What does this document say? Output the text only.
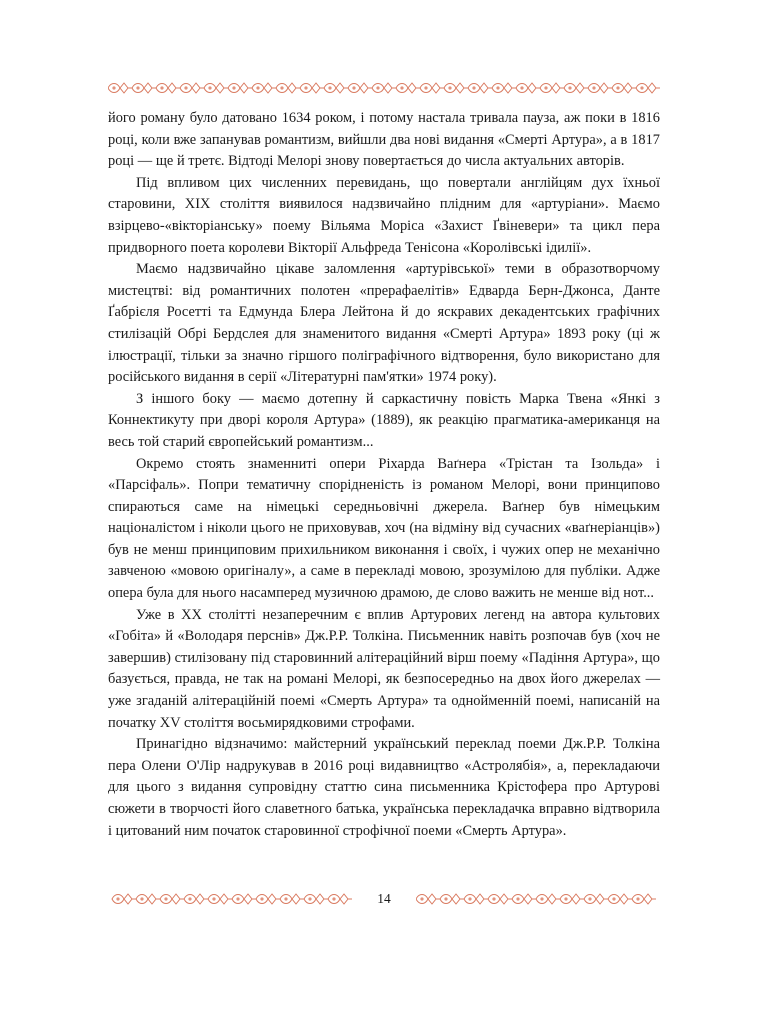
його роману було датовано 1634 роком, і потому настала тривала пауза, аж поки в 1816 році, коли вже запанував романтизм, вийшли два нові видання «Смерті Артура», а в 1817 році — ще й третє. Відтоді Мелорі знову повертається до числа актуальних авторів.

Під впливом цих численних перевидань, що повертали англійцям дух їхньої старовини, XIX століття виявилося надзвичайно плідним для «артуріани». Маємо взірцево-«вікторіанську» поему Вільяма Моріса «Захист Ґвіневери» та цикл пера придворного поета королеви Вікторії Альфреда Тенісона «Королівські ідилії».

Маємо надзвичайно цікаве заломлення «артурівської» теми в образотворчому мистецтві: від романтичних полотен «прерафаелітів» Едварда Берн-Джонса, Данте Ґабрієля Росетті та Едмунда Блера Лейтона й до яскравих декадентських графічних стилізацій Обрі Бердслея для знаменитого видання «Смерті Артура» 1893 року (ці ж ілюстрації, тільки за значно гіршого поліграфічного відтворення, було використано для російського видання в серії «Літературні пам'ятки» 1974 року).

З іншого боку — маємо дотепну й саркастичну повість Марка Твена «Янкі з Коннектикуту при дворі короля Артура» (1889), як реакцію прагматика-американця на весь той старий європейський романтизм...

Окремо стоять знаменниті опери Ріхарда Ваґнера «Трістан та Ізольда» і «Парсіфаль». Попри тематичну спорідненість із романом Мелорі, вони принципово спираються саме на німецькі середньовічні джерела. Ваґнер був німецьким націоналістом і ніколи цього не приховував, хоч (на відміну від сучасних «ваґнеріанців») був не менш принциповим прихильником виконання і своїх, і чужих опер не механічно завченою «мовою оригіналу», а саме в перекладі мовою, зрозумілою для публіки. Адже опера була для нього насамперед музичною драмою, де слово важить не менше від нот...

Уже в XX столітті незаперечним є вплив Артурових легенд на автора культових «Гобіта» й «Володаря перснів» Дж.Р.Р. Толкіна. Письменник навіть розпочав був (хоч не завершив) стилізовану під старовинний алітераційний вірш поему «Падіння Артура», що базується, правда, не так на романі Мелорі, як безпосередньо на двох його джерелах — уже згаданій алітераційній поемі «Смерть Артура» та однойменній поемі, написаній на початку XV століття восьмирядковими строфами.

Принагідно відзначимо: майстерний український переклад поеми Дж.Р.Р. Толкіна пера Олени О'Лір надрукував в 2016 році видавництво «Астролябія», а, перекладаючи для цього з видання супровідну статтю сина письменника Крістофера про Артурові сюжети в творчості його славетного батька, українська перекладачка вправно відтворила і цитований ним початок старовинної строфічної поеми «Смерть Артура».

14
